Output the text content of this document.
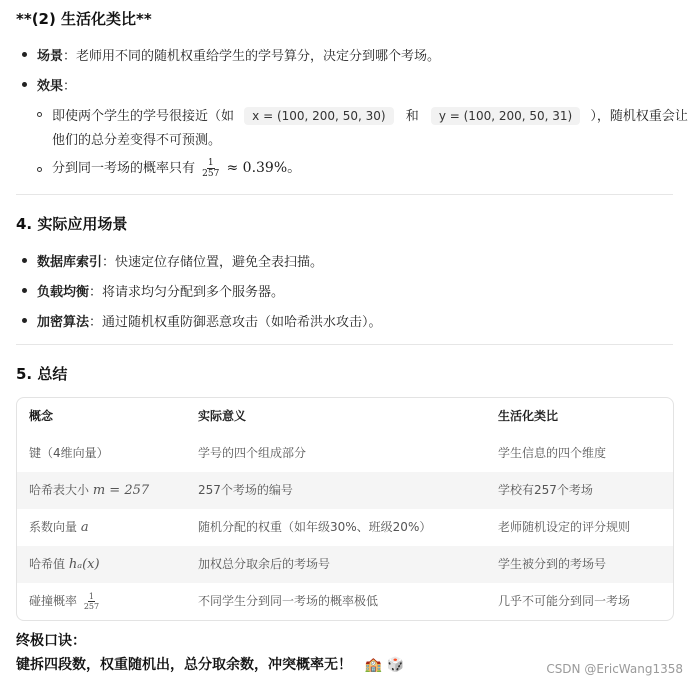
**(2) 生活化类比**
场景：老师用不同的随机权重给学生的学号算分，决定分到哪个考场。
效果：
即使两个学生的学号很接近（如 x = (100, 200, 50, 30) 和 y = (100, 200, 50, 31) ），随机权重会让
他们的总分差变得不可预测。
分到同一考场的概率只有 $\frac{1}{257} \approx 0.39\%$。
4. 实际应用场景
数据库索引：快速定位存储位置，避免全表扫描。
负载均衡：将请求均匀分配到多个服务器。
加密算法：通过随机权重防御恶意攻击（如哈希洪水攻击）。
5. 总结
概念	实际意义	生活化类比
键（4维向量）	学号的四个组成部分	学生信息的四个维度
哈希表大小 m = 257	257个考场的编号	学校有257个考场
系数向量 a	随机分配的权重（如年级30%、班级20%）	老师随机设定的评分规则
哈希值 hₐ(x)	加权总分取余后的考场号	学生被分到的考场号
碰撞概率 $\frac{1}{257}$	不同学生分到同一考场的概率极低	几乎不可能分到同一考场
终极口诀：
键拆四段数，权重随机出，总分取余数，冲突概率无！ 🏫 🎲	CSDN @EricWang1358
